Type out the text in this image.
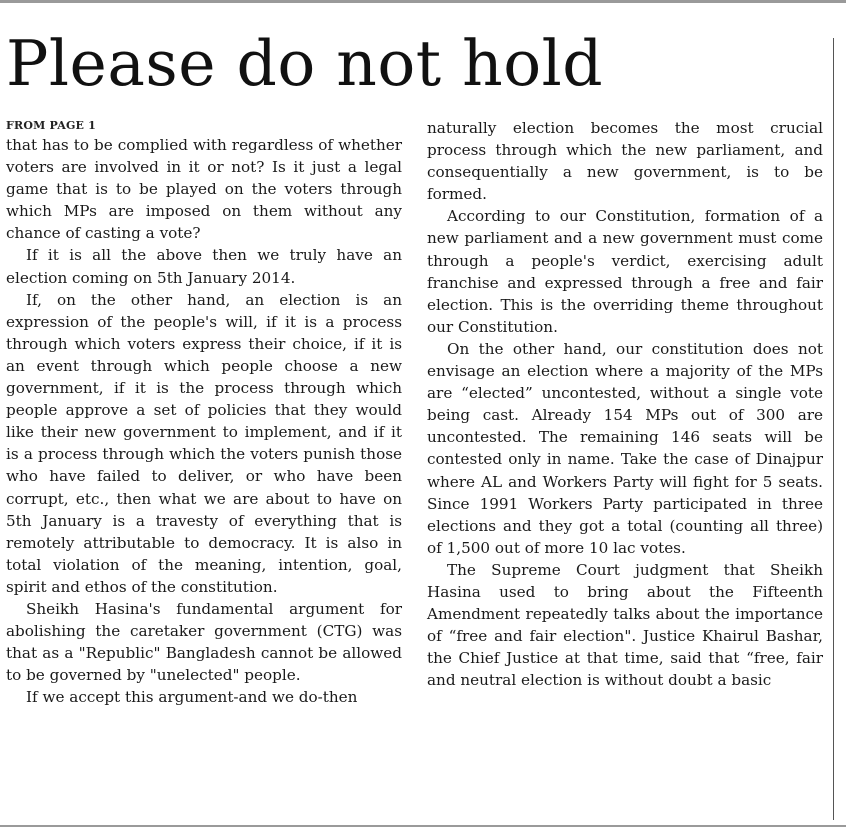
Please do not hold
FROM PAGE 1

that has to be complied with regardless of whether voters are involved in it or not? Is it just a legal game that is to be played on the voters through which MPs are imposed on them without any chance of casting a vote?

If it is all the above then we truly have an election coming on 5th January 2014.

If, on the other hand, an election is an expression of the people's will, if it is a process through which voters express their choice, if it is an event through which people choose a new government, if it is the process through which people approve a set of policies that they would like their new government to implement, and if it is a process through which the voters punish those who have failed to deliver, or who have been corrupt, etc., then what we are about to have on 5th January is a travesty of everything that is remotely attributable to democracy. It is also in total violation of the meaning, intention, goal, spirit and ethos of the constitution.

Sheikh Hasina's fundamental argument for abolishing the caretaker government (CTG) was that as a "Republic" Bangladesh cannot be allowed to be governed by "unelected" people.

If we accept this argument-and we do-then

naturally election becomes the most crucial process through which the new parliament, and consequentially a new government, is to be formed.

According to our Constitution, formation of a new parliament and a new government must come through a people's verdict, exercising adult franchise and expressed through a free and fair election. This is the overriding theme throughout our Constitution.

On the other hand, our constitution does not envisage an election where a majority of the MPs are “elected” uncontested, without a single vote being cast. Already 154 MPs out of 300 are uncontested. The remaining 146 seats will be contested only in name. Take the case of Dinajpur where AL and Workers Party will fight for 5 seats. Since 1991 Workers Party participated in three elections and they got a total (counting all three) of 1,500 out of more 10 lac votes.

The Supreme Court judgment that Sheikh Hasina used to bring about the Fifteenth Amendment repeatedly talks about the importance of “free and fair election". Justice Khairul Bashar, the Chief Justice at that time, said that “free, fair and neutral election is without doubt a basic
